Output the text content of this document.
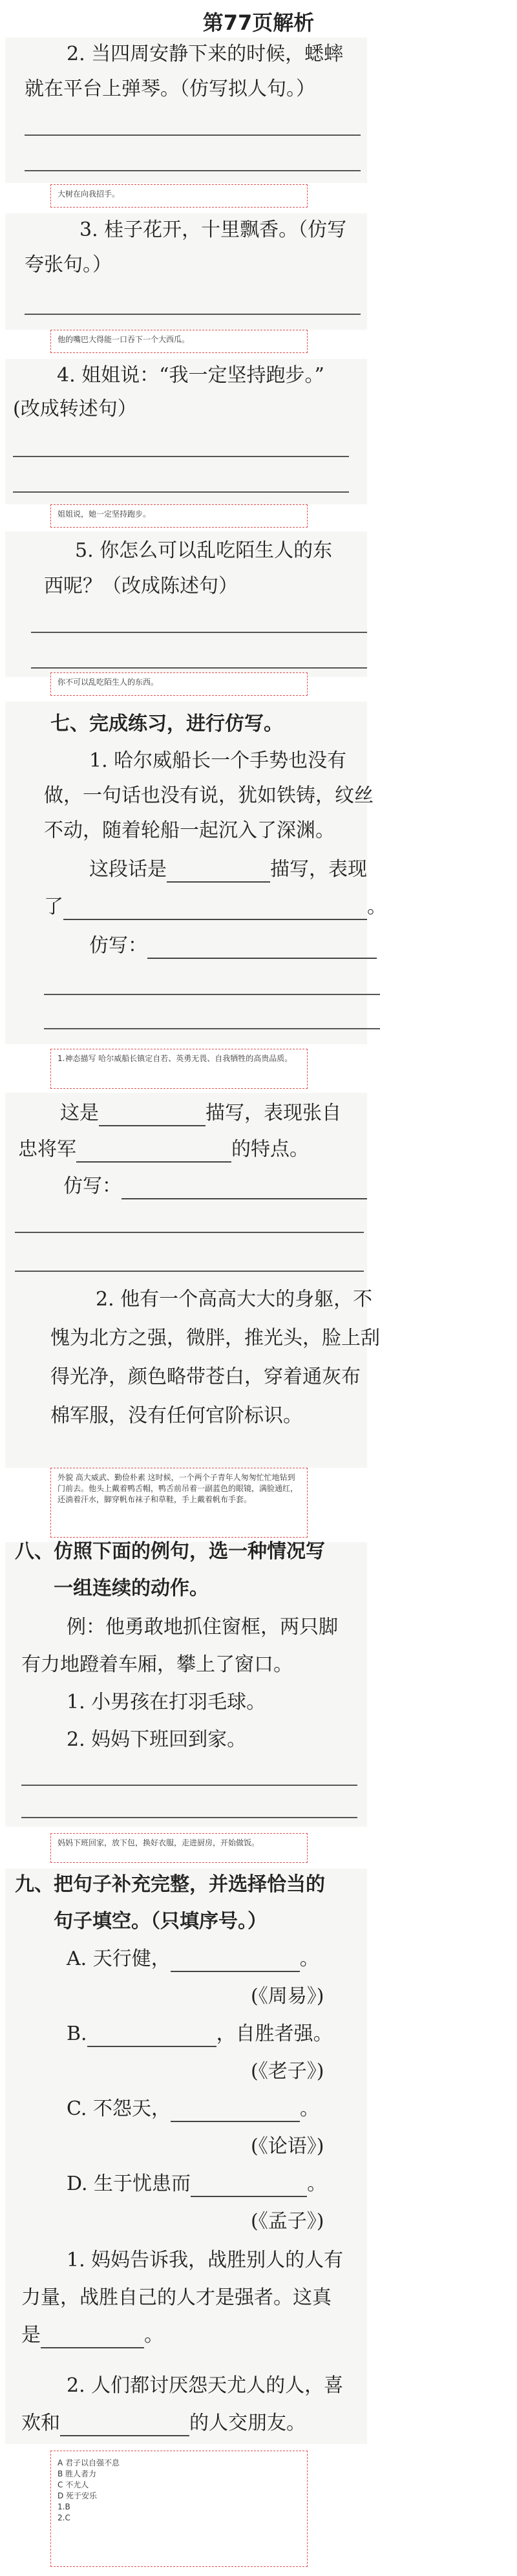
第77页解析
2. 当四周安静下来的时候，蟋蟀
就在平台上弹琴。（仿写拟人句。）
大树在向我招手。
3. 桂子花开，十里飘香。（仿写
夸张句。）
他的嘴巴大得能一口吞下一个大西瓜。
4. 姐姐说：“我一定坚持跑步。”
(改成转述句）
姐姐说，她一定坚持跑步。
5. 你怎么可以乱吃陌生人的东
西呢？（改成陈述句）
你不可以乱吃陌生人的东西。
七、完成练习，进行仿写。
1. 哈尔威船长一个手势也没有
做，一句话也没有说，犹如铁铸，纹丝
不动，随着轮船一起沉入了深渊。
这段话是	描写，表现
了	。
仿写：
1.神态描写 哈尔威船长镇定自若、英勇无畏、自我牺牲的高贵品质。
这是	描写，表现张自
忠将军	的特点。
仿写：
2. 他有一个高高大大的身躯，不
愧为北方之强，微胖，推光头，脸上刮
得光净，颜色略带苍白，穿着通灰布
棉军服，没有任何官阶标识。
外貌 高大威武、勤俭朴素 这时候，一个两个子青年人匆匆忙忙地钻到门前去。他头上戴着鸭舌帽，鸭舌前吊着一副蓝色的眼镜，满脸通红，还淌着汗水，脚穿帆布袜子和草鞋，手上戴着帆布手套。
八、仿照下面的例句，选一种情况写
一组连续的动作。
例：他勇敢地抓住窗框，两只脚
有力地蹬着车厢，攀上了窗口。
1. 小男孩在打羽毛球。
2. 妈妈下班回到家。
妈妈下班回家，放下包，换好衣服，走进厨房，开始做饭。
九、把句子补充完整，并选择恰当的
句子填空。（只填序号。）
A. 天行健，	。
(《周易》)
B.	，自胜者强。
(《老子》)
C. 不怨天，	。
(《论语》)
D. 生于忧患而	。
(《孟子》)
1. 妈妈告诉我，战胜别人的人有
力量，战胜自己的人才是强者。这真
是	。
2. 人们都讨厌怨天尤人的人，喜
欢和	的人交朋友。
A 君子以自强不息
B 胜人者力
C 不尤人
D 死于安乐
1.B
2.C
